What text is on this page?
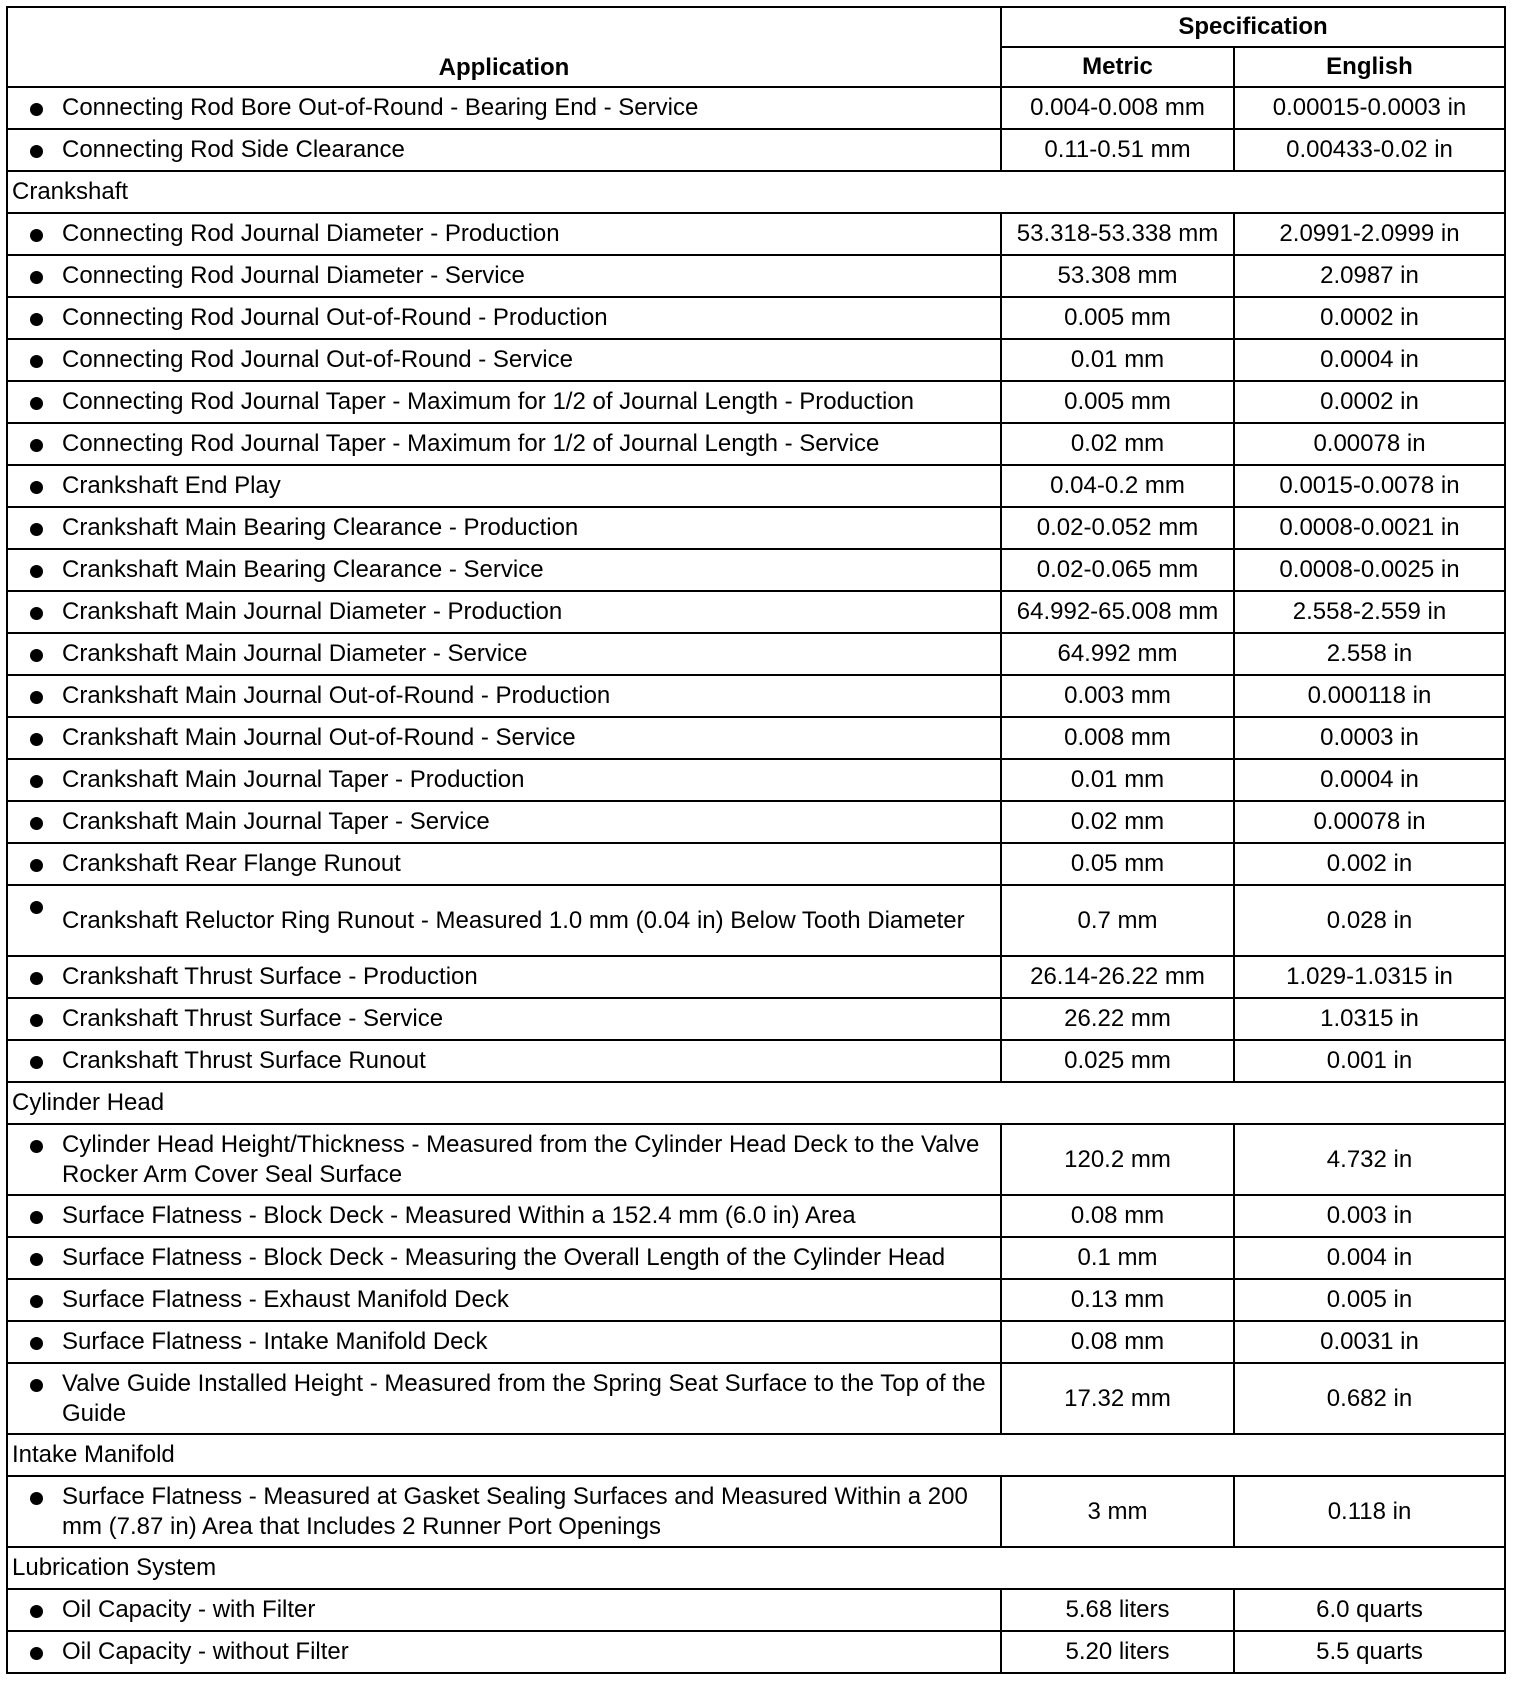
Application	Specification	
	Metric	English

Connecting Rod Bore Out-of-Round - Bearing End - Service	0.004-0.008 mm	0.00015-0.0003 in

Connecting Rod Side Clearance	0.11-0.51 mm	0.00433-0.02 in
Crankshaft		

Connecting Rod Journal Diameter - Production	53.318-53.338 mm	2.0991-2.0999 in

Connecting Rod Journal Diameter - Service	53.308 mm	2.0987 in

Connecting Rod Journal Out-of-Round - Production	0.005 mm	0.0002 in

Connecting Rod Journal Out-of-Round - Service	0.01 mm	0.0004 in

Connecting Rod Journal Taper - Maximum for 1/2 of Journal Length - Production	0.005 mm	0.0002 in

Connecting Rod Journal Taper - Maximum for 1/2 of Journal Length - Service	0.02 mm	0.00078 in

Crankshaft End Play	0.04-0.2 mm	0.0015-0.0078 in

Crankshaft Main Bearing Clearance - Production	0.02-0.052 mm	0.0008-0.0021 in

Crankshaft Main Bearing Clearance - Service	0.02-0.065 mm	0.0008-0.0025 in

Crankshaft Main Journal Diameter - Production	64.992-65.008 mm	2.558-2.559 in

Crankshaft Main Journal Diameter - Service	64.992 mm	2.558 in

Crankshaft Main Journal Out-of-Round - Production	0.003 mm	0.000118 in

Crankshaft Main Journal Out-of-Round - Service	0.008 mm	0.0003 in

Crankshaft Main Journal Taper - Production	0.01 mm	0.0004 in

Crankshaft Main Journal Taper - Service	0.02 mm	0.00078 in

Crankshaft Rear Flange Runout	0.05 mm	0.002 in

Crankshaft Reluctor Ring Runout - Measured 1.0 mm (0.04 in) Below Tooth Diameter	0.7 mm	0.028 in

Crankshaft Thrust Surface - Production	26.14-26.22 mm	1.029-1.0315 in

Crankshaft Thrust Surface - Service	26.22 mm	1.0315 in

Crankshaft Thrust Surface Runout	0.025 mm	0.001 in
Cylinder Head		

Cylinder Head Height/Thickness - Measured from the Cylinder Head Deck to the Valve Rocker Arm Cover Seal Surface	120.2 mm	4.732 in

Surface Flatness - Block Deck - Measured Within a 152.4 mm (6.0 in) Area	0.08 mm	0.003 in

Surface Flatness - Block Deck - Measuring the Overall Length of the Cylinder Head	0.1 mm	0.004 in

Surface Flatness - Exhaust Manifold Deck	0.13 mm	0.005 in

Surface Flatness - Intake Manifold Deck	0.08 mm	0.0031 in

Valve Guide Installed Height - Measured from the Spring Seat Surface to the Top of the Guide	17.32 mm	0.682 in
Intake Manifold		

Surface Flatness - Measured at Gasket Sealing Surfaces and Measured Within a 200 mm (7.87 in) Area that Includes 2 Runner Port Openings	3 mm	0.118 in
Lubrication System		

Oil Capacity - with Filter	5.68 liters	6.0 quarts

Oil Capacity - without Filter	5.20 liters	5.5 quarts
